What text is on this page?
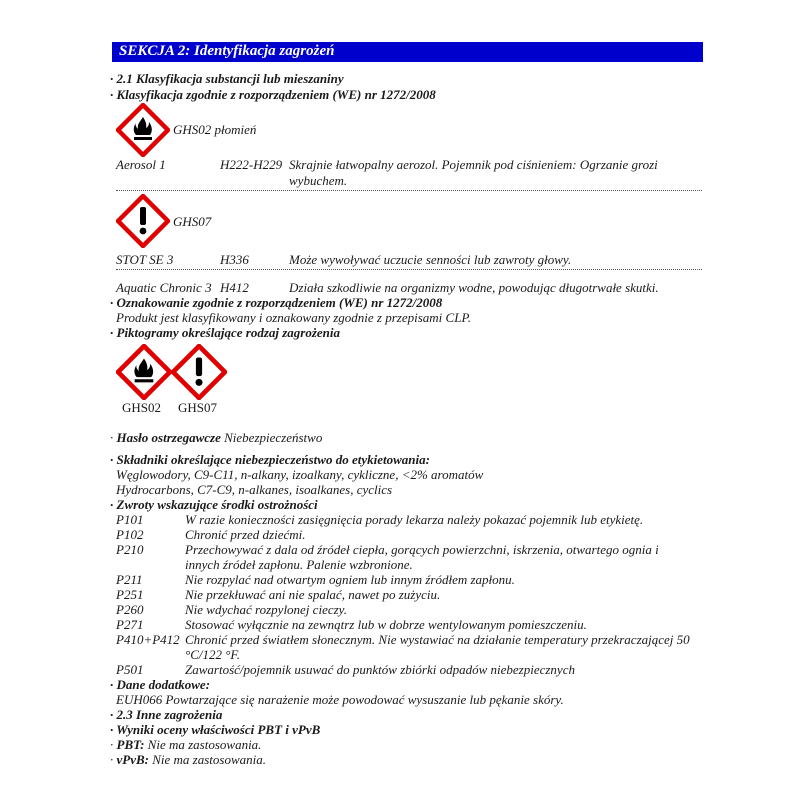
SEKCJA 2: Identyfikacja zagrożeń
· 2.1 Klasyfikacja substancji lub mieszaniny
· Klasyfikacja zgodnie z rozporządzeniem (WE) nr 1272/2008
GHS02 płomień
Aerosol 1	H222-H229 Skrajnie łatwopalny aerozol. Pojemnik pod ciśnieniem: Ogrzanie grozi
wybuchem.
GHS07
STOT SE 3	H336	Może wywoływać uczucie senności lub zawroty głowy.
Aquatic Chronic 3 H412	Działa szkodliwie na organizmy wodne, powodując długotrwałe skutki.
· Oznakowanie zgodnie z rozporządzeniem (WE) nr 1272/2008
Produkt jest klasyfikowany i oznakowany zgodnie z przepisami CLP.
· Piktogramy określające rodzaj zagrożenia
GHS02 GHS07
· Hasło ostrzegawcze Niebezpieczeństwo
· Składniki określające niebezpieczeństwo do etykietowania:
Węglowodory, C9-C11, n-alkany, izoalkany, cykliczne, <2% aromatów
Hydrocarbons, C7-C9, n-alkanes, isoalkanes, cyclics
· Zwroty wskazujące środki ostrożności
P101	W razie konieczności zasięgnięcia porady lekarza należy pokazać pojemnik lub etykietę.
P102	Chronić przed dziećmi.
P210	Przechowywać z dala od źródeł ciepła, gorących powierzchni, iskrzenia, otwartego ognia i
innych źródeł zapłonu. Palenie wzbronione.
P211	Nie rozpylać nad otwartym ogniem lub innym źródłem zapłonu.
P251	Nie przekłuwać ani nie spalać, nawet po zużyciu.
P260	Nie wdychać rozpylonej cieczy.
P271	Stosować wyłącznie na zewnątrz lub w dobrze wentylowanym pomieszczeniu.
P410+P412 Chronić przed światłem słonecznym. Nie wystawiać na działanie temperatury przekraczającej 50
°C/122 °F.
P501	Zawartość/pojemnik usuwać do punktów zbiórki odpadów niebezpiecznych
· Dane dodatkowe:
EUH066 Powtarzające się narażenie może powodować wysuszanie lub pękanie skóry.
· 2.3 Inne zagrożenia
· Wyniki oceny właściwości PBT i vPvB
· PBT: Nie ma zastosowania.
· vPvB: Nie ma zastosowania.
